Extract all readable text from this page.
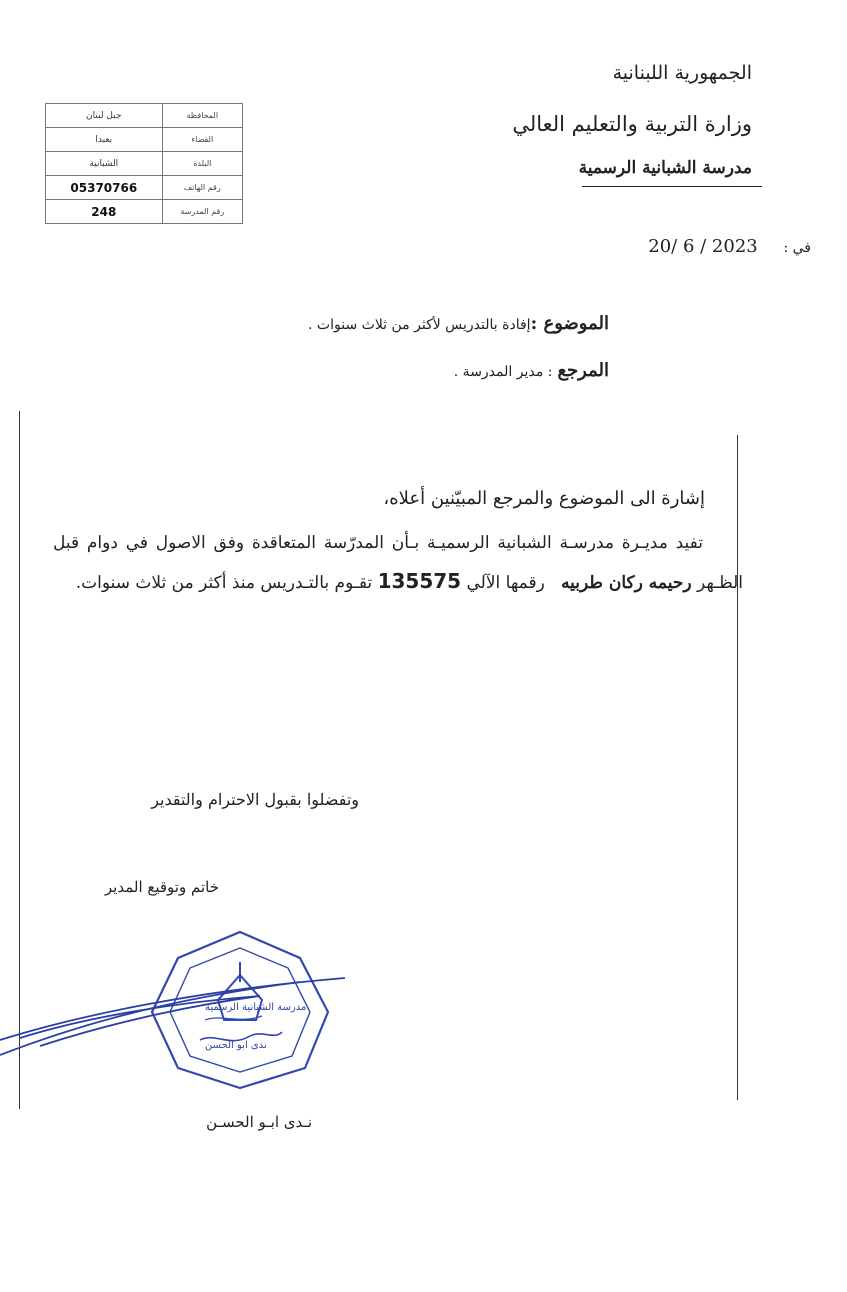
الجمهورية اللبنانية
وزارة التربية والتعليم العالي
مدرسة الشبانية الرسمية
المحافظة	جبل لبنان
القضاء	بعبدا
البلدة	الشبانية
رقم الهاتف	05370766
رقم المدرسة	248
في : 2023 / 6 /20
الموضوع :إفادة بالتدريس لأكثر من ثلاث سنوات .
المرجع : مدير المدرسة .
إشارة الى الموضوع والمرجع المبيّنين أعلاه،
تفيد مديـرة مدرسـة الشبانية الرسميـة بـأن المدرّسة المتعاقدة وفق الاصول في دوام قبل الظـهر رحيمه ركان طربيه   رقمها الآلي 135575 تقـوم بالتـدريس منذ أكثر من ثلاث سنوات.
وتفضلوا بقبول الاحترام والتقدير
خاتم وتوقيع المدير
مدرسة الشبانية الرسمية
ندى ابو الحسن
نـدى ابـو الحسـن
